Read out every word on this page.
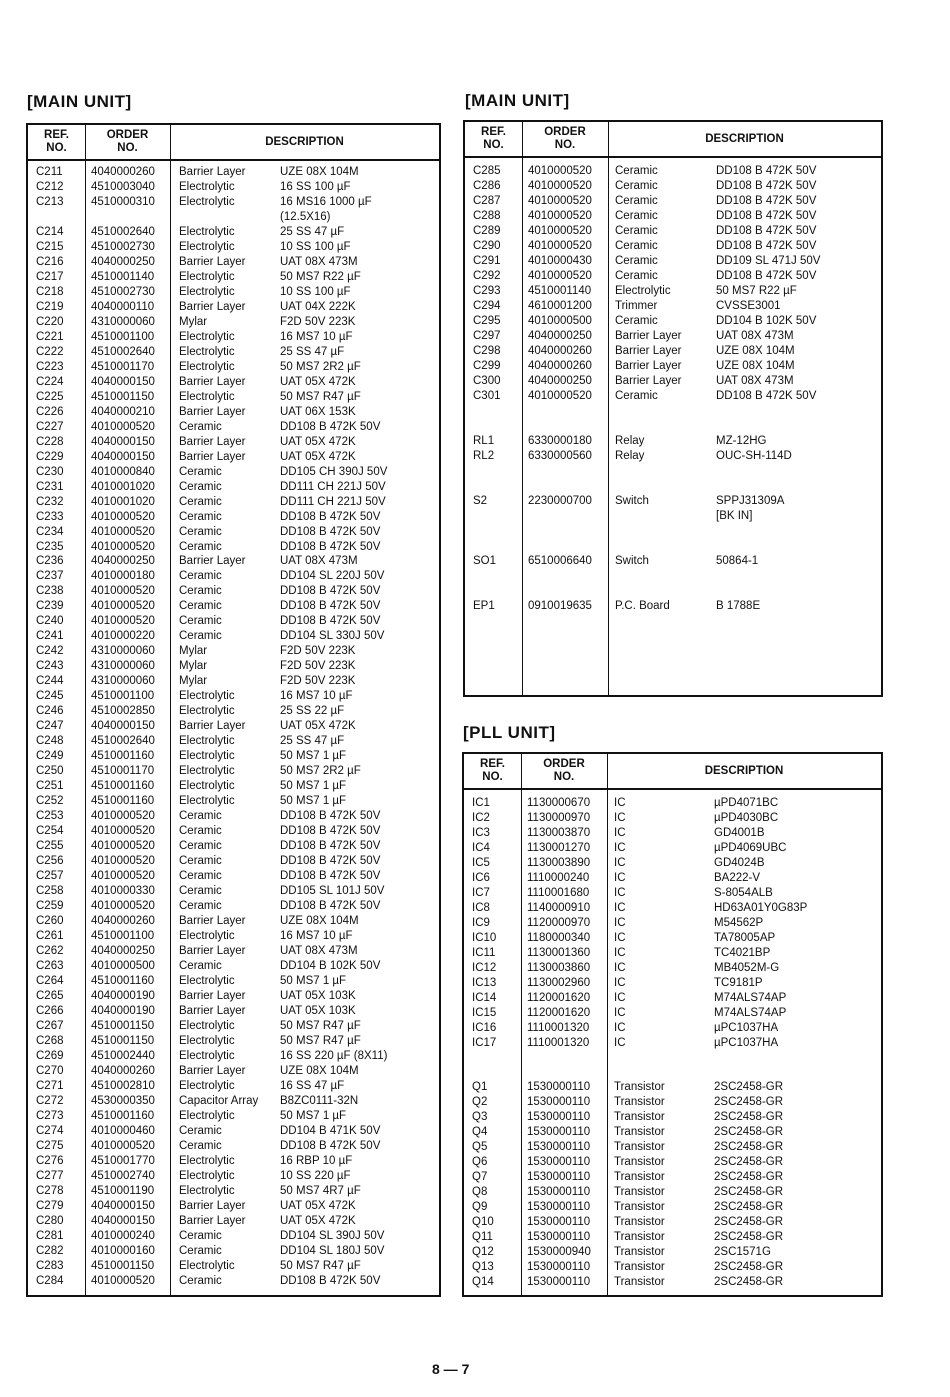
[MAIN UNIT]
REF.
NO.
ORDER
NO.
DESCRIPTION
C211 4040000260 Barrier Layer	UZE 08X 104M
C212 4510003040 Electrolytic	16 SS 100 µF
C213 4510000310 Electrolytic	16 MS16 1000 µF
(12.5X16)
C214 4510002640 Electrolytic	25 SS 47 µF
C215 4510002730 Electrolytic	10 SS 100 µF
C216 4040000250 Barrier Layer	UAT 08X 473M
C217 4510001140 Electrolytic	50 MS7 R22 µF
C218 4510002730 Electrolytic	10 SS 100 µF
C219 4040000110 Barrier Layer	UAT 04X 222K
C220 4310000060 Mylar	F2D 50V 223K
C221 4510001100 Electrolytic	16 MS7 10 µF
C222 4510002640 Electrolytic	25 SS 47 µF
C223 4510001170 Electrolytic	50 MS7 2R2 µF
C224 4040000150 Barrier Layer	UAT 05X 472K
C225 4510001150 Electrolytic	50 MS7 R47 µF
C226 4040000210 Barrier Layer	UAT 06X 153K
C227 4010000520 Ceramic	DD108 B 472K 50V
C228 4040000150 Barrier Layer	UAT 05X 472K
C229 4040000150 Barrier Layer	UAT 05X 472K
C230 4010000840 Ceramic	DD105 CH 390J 50V
C231 4010001020 Ceramic	DD111 CH 221J 50V
C232 4010001020 Ceramic	DD111 CH 221J 50V
C233 4010000520 Ceramic	DD108 B 472K 50V
C234 4010000520 Ceramic	DD108 B 472K 50V
C235 4010000520 Ceramic	DD108 B 472K 50V
C236 4040000250 Barrier Layer	UAT 08X 473M
C237 4010000180 Ceramic	DD104 SL 220J 50V
C238 4010000520 Ceramic	DD108 B 472K 50V
C239 4010000520 Ceramic	DD108 B 472K 50V
C240 4010000520 Ceramic	DD108 B 472K 50V
C241 4010000220 Ceramic	DD104 SL 330J 50V
C242 4310000060 Mylar	F2D 50V 223K
C243 4310000060 Mylar	F2D 50V 223K
C244 4310000060 Mylar	F2D 50V 223K
C245 4510001100 Electrolytic	16 MS7 10 µF
C246 4510002850 Electrolytic	25 SS 22 µF
C247 4040000150 Barrier Layer	UAT 05X 472K
C248 4510002640 Electrolytic	25 SS 47 µF
C249 4510001160 Electrolytic	50 MS7 1 µF
C250 4510001170 Electrolytic	50 MS7 2R2 µF
C251 4510001160 Electrolytic	50 MS7 1 µF
C252 4510001160 Electrolytic	50 MS7 1 µF
C253 4010000520 Ceramic	DD108 B 472K 50V
C254 4010000520 Ceramic	DD108 B 472K 50V
C255 4010000520 Ceramic	DD108 B 472K 50V
C256 4010000520 Ceramic	DD108 B 472K 50V
C257 4010000520 Ceramic	DD108 B 472K 50V
C258 4010000330 Ceramic	DD105 SL 101J 50V
C259 4010000520 Ceramic	DD108 B 472K 50V
C260 4040000260 Barrier Layer	UZE 08X 104M
C261 4510001100 Electrolytic	16 MS7 10 µF
C262 4040000250 Barrier Layer	UAT 08X 473M
C263 4010000500 Ceramic	DD104 B 102K 50V
C264 4510001160 Electrolytic	50 MS7 1 µF
C265 4040000190 Barrier Layer	UAT 05X 103K
C266 4040000190 Barrier Layer	UAT 05X 103K
C267 4510001150 Electrolytic	50 MS7 R47 µF
C268 4510001150 Electrolytic	50 MS7 R47 µF
C269 4510002440 Electrolytic	16 SS 220 µF (8X11)
C270 4040000260 Barrier Layer	UZE 08X 104M
C271 4510002810 Electrolytic	16 SS 47 µF
C272 4530000350 Capacitor Array B8ZC0111-32N
C273 4510001160 Electrolytic	50 MS7 1 µF
C274 4010000460 Ceramic	DD104 B 471K 50V
C275 4010000520 Ceramic	DD108 B 472K 50V
C276 4510001770 Electrolytic	16 RBP 10 µF
C277 4510002740 Electrolytic	10 SS 220 µF
C278 4510001190 Electrolytic	50 MS7 4R7 µF
C279 4040000150 Barrier Layer	UAT 05X 472K
C280 4040000150 Barrier Layer	UAT 05X 472K
C281 4010000240 Ceramic	DD104 SL 390J 50V
C282 4010000160 Ceramic	DD104 SL 180J 50V
C283 4510001150 Electrolytic	50 MS7 R47 µF
C284 4010000520 Ceramic	DD108 B 472K 50V
[MAIN UNIT]
REF.
NO.
ORDER
NO.
DESCRIPTION
C285 4010000520 Ceramic	DD108 B 472K 50V
C286 4010000520 Ceramic	DD108 B 472K 50V
C287 4010000520 Ceramic	DD108 B 472K 50V
C288 4010000520 Ceramic	DD108 B 472K 50V
C289 4010000520 Ceramic	DD108 B 472K 50V
C290 4010000520 Ceramic	DD108 B 472K 50V
C291 4010000430 Ceramic	DD109 SL 471J 50V
C292 4010000520 Ceramic	DD108 B 472K 50V
C293 4510001140 Electrolytic	50 MS7 R22 µF
C294 4610001200 Trimmer	CVSSE3001
C295 4010000500 Ceramic	DD104 B 102K 50V
C297 4040000250 Barrier Layer	UAT 08X 473M
C298 4040000260 Barrier Layer	UZE 08X 104M
C299 4040000260 Barrier Layer	UZE 08X 104M
C300 4040000250 Barrier Layer	UAT 08X 473M
C301 4010000520 Ceramic	DD108 B 472K 50V
RL1	6330000180 Relay	MZ-12HG
RL2	6330000560 Relay	OUC-SH-114D
S2	2230000700 Switch	SPPJ31309A
[BK IN]
SO1	6510006640 Switch	50864-1
EP1	0910019635 P.C. Board	B 1788E
[PLL UNIT]
REF.
NO.
ORDER
NO.
DESCRIPTION
IC1	1130000670 IC	µPD4071BC
IC2	1130000970 IC	µPD4030BC
IC3	1130003870 IC	GD4001B
IC4	1130001270 IC	µPD4069UBC
IC5	1130003890 IC	GD4024B
IC6	1110000240 IC	BA222-V
IC7	1110001680 IC	S-8054ALB
IC8	1140000910 IC	HD63A01Y0G83P
IC9	1120000970 IC	M54562P
IC10	1180000340 IC	TA78005AP
IC11	1130001360 IC	TC4021BP
IC12	1130003860 IC	MB4052M-G
IC13	1130002960 IC	TC9181P
IC14	1120001620 IC	M74ALS74AP
IC15	1120001620 IC	M74ALS74AP
IC16	1110001320 IC	µPC1037HA
IC17	1110001320 IC	µPC1037HA
Q1	1530000110 Transistor	2SC2458-GR
Q2	1530000110 Transistor	2SC2458-GR
Q3	1530000110 Transistor	2SC2458-GR
Q4	1530000110 Transistor	2SC2458-GR
Q5	1530000110 Transistor	2SC2458-GR
Q6	1530000110 Transistor	2SC2458-GR
Q7	1530000110 Transistor	2SC2458-GR
Q8	1530000110 Transistor	2SC2458-GR
Q9	1530000110 Transistor	2SC2458-GR
Q10	1530000110 Transistor	2SC2458-GR
Q11	1530000110 Transistor	2SC2458-GR
Q12	1530000940 Transistor	2SC1571G
Q13	1530000110 Transistor	2SC2458-GR
Q14	1530000110 Transistor	2SC2458-GR
8 — 7
